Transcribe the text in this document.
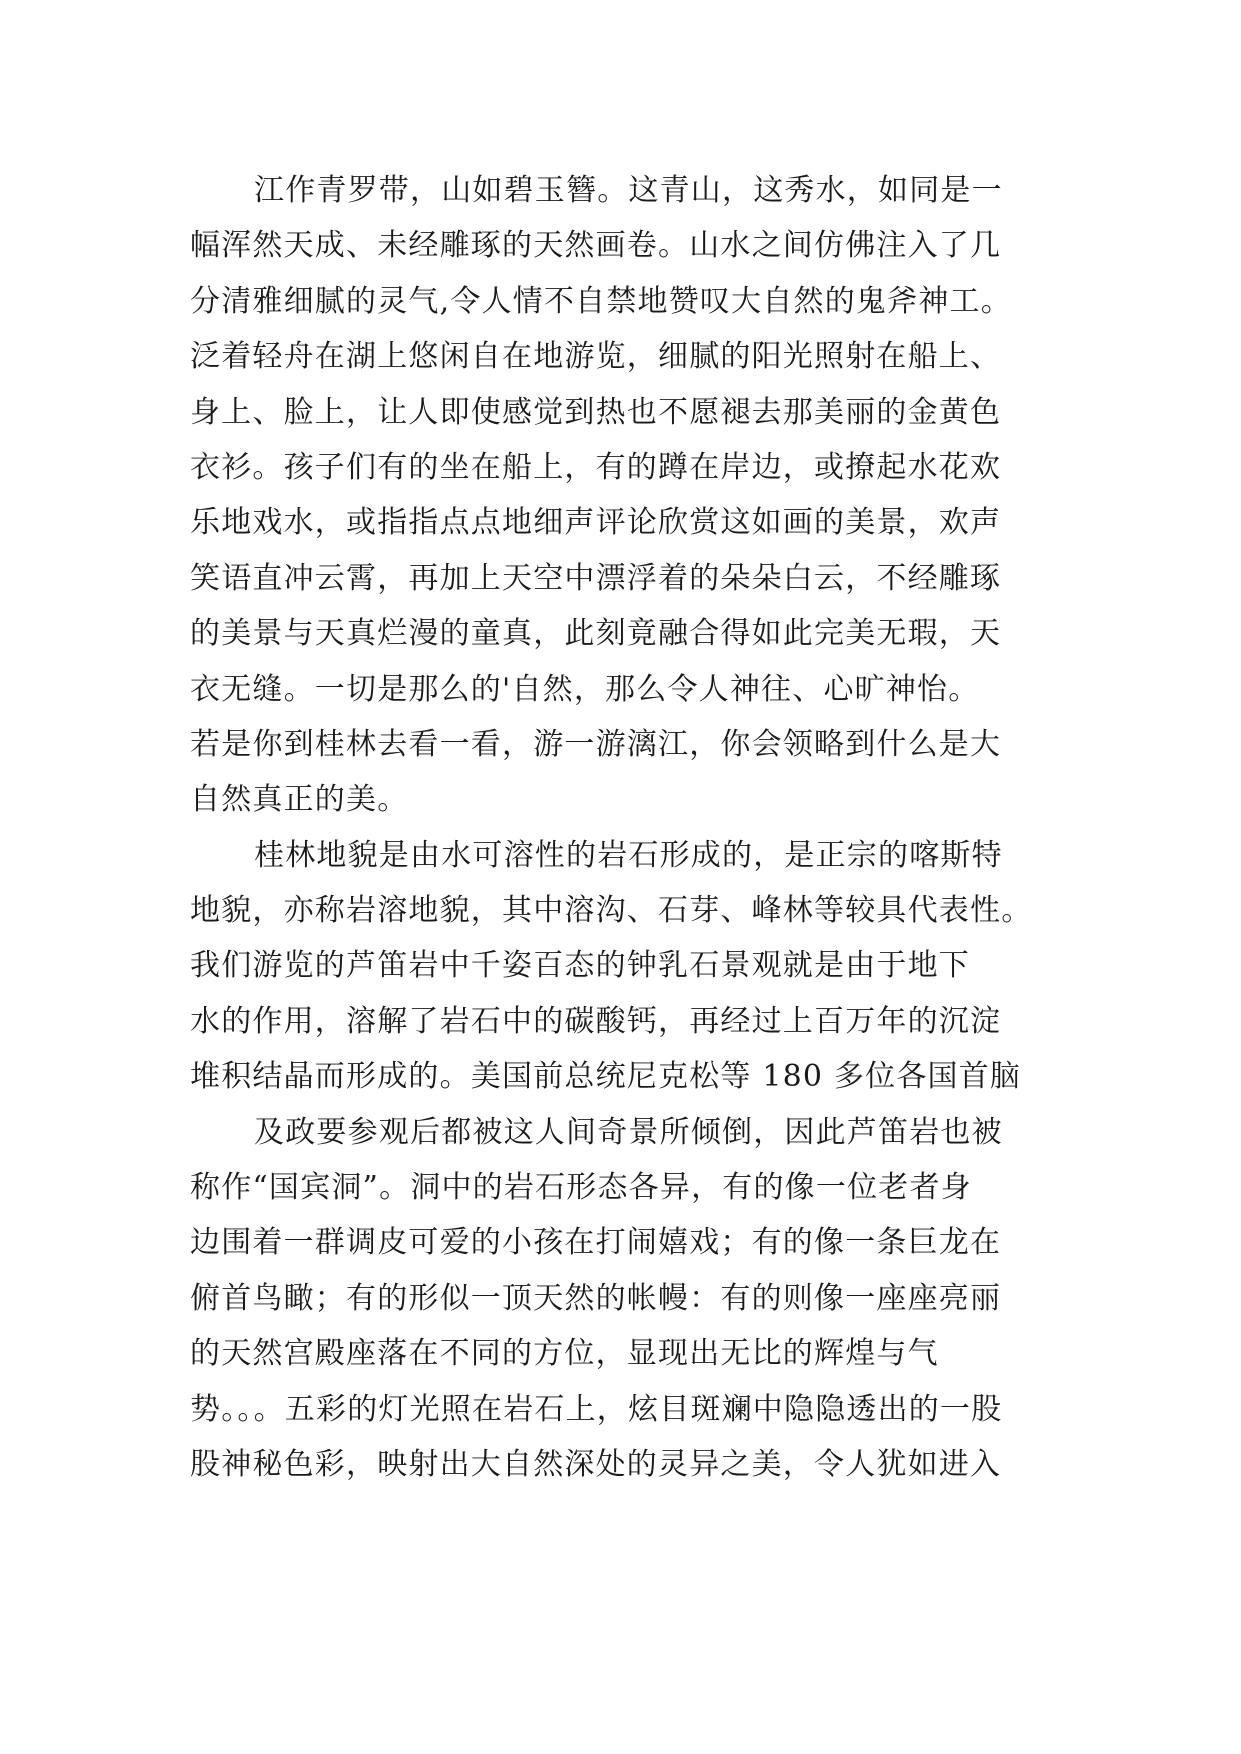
江作青罗带，山如碧玉簪。这青山，这秀水，如同是一
幅浑然天成、未经雕琢的天然画卷。山水之间仿佛注入了几
分清雅细腻的灵气,令人情不自禁地赞叹大自然的鬼斧神工。
泛着轻舟在湖上悠闲自在地游览，细腻的阳光照射在船上、
身上、脸上，让人即使感觉到热也不愿褪去那美丽的金黄色
衣衫。孩子们有的坐在船上，有的蹲在岸边，或撩起水花欢
乐地戏水，或指指点点地细声评论欣赏这如画的美景，欢声
笑语直冲云霄，再加上天空中漂浮着的朵朵白云，不经雕琢
的美景与天真烂漫的童真，此刻竟融合得如此完美无瑕，天
衣无缝。一切是那么的'自然，那么令人神往、心旷神怡。
若是你到桂林去看一看，游一游漓江，你会领略到什么是大
自然真正的美。
桂林地貌是由水可溶性的岩石形成的，是正宗的喀斯特
地貌，亦称岩溶地貌，其中溶沟、石芽、峰林等较具代表性。
我们游览的芦笛岩中千姿百态的钟乳石景观就是由于地下
水的作用，溶解了岩石中的碳酸钙，再经过上百万年的沉淀
堆积结晶而形成的。美国前总统尼克松等 180 多位各国首脑
及政要参观后都被这人间奇景所倾倒，因此芦笛岩也被
称作“国宾洞”。洞中的岩石形态各异，有的像一位老者身
边围着一群调皮可爱的小孩在打闹嬉戏；有的像一条巨龙在
俯首鸟瞰；有的形似一顶天然的帐幔：有的则像一座座亮丽
的天然宫殿座落在不同的方位，显现出无比的辉煌与气
势。。。五彩的灯光照在岩石上，炫目斑斓中隐隐透出的一股
股神秘色彩，映射出大自然深处的灵异之美，令人犹如进入
